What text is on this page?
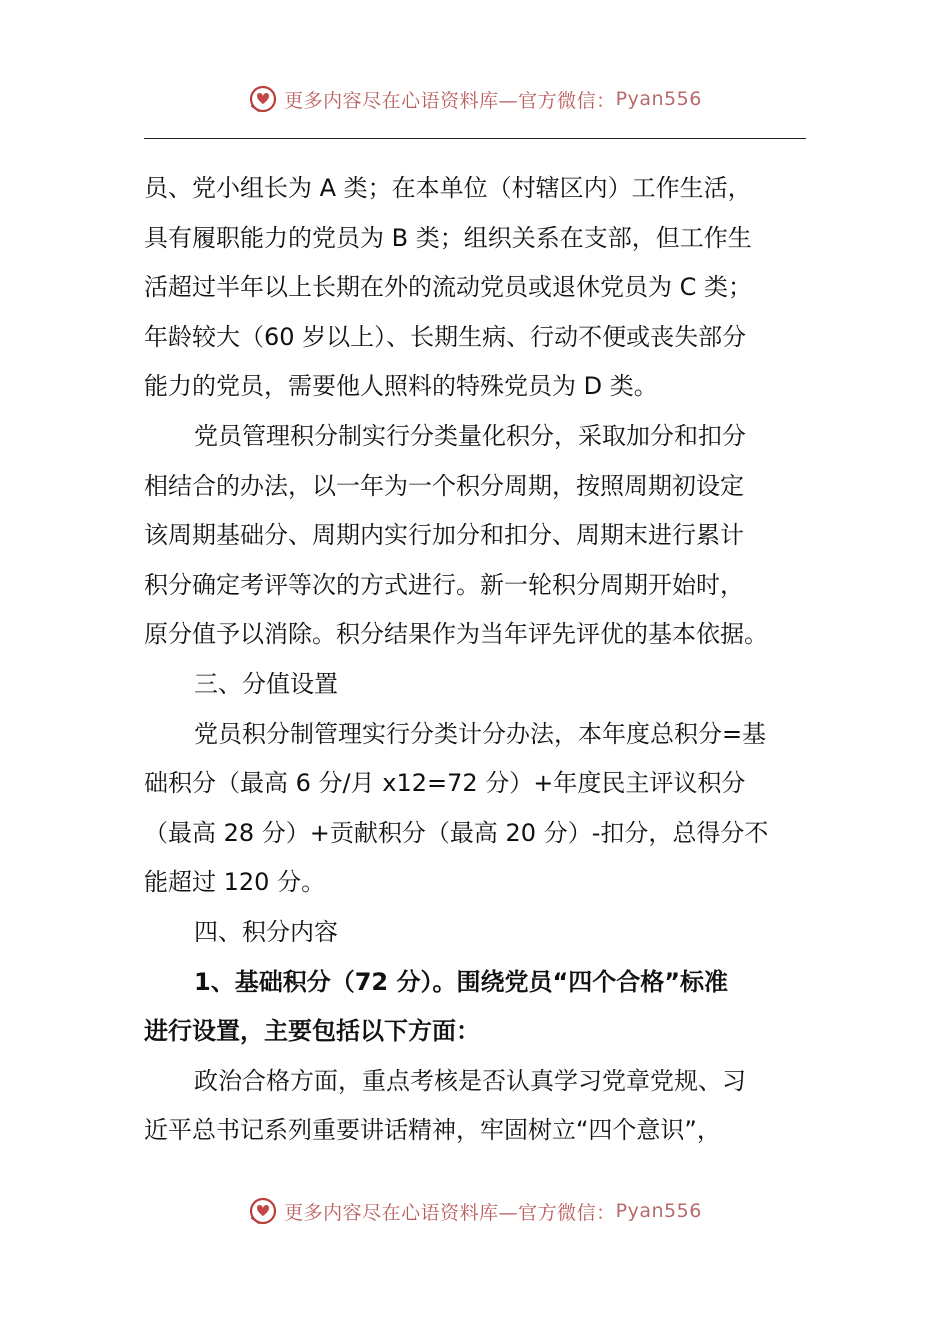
更多内容尽在心语资料库—官方微信： Pyan556
员、党小组长为 A 类；在本单位（村辖区内）工作生活，
具有履职能力的党员为 B 类；组织关系在支部，但工作生
活超过半年以上长期在外的流动党员或退休党员为 C 类；
年龄较大（60 岁以上）、长期生病、行动不便或丧失部分
能力的党员，需要他人照料的特殊党员为 D 类。
党员管理积分制实行分类量化积分，采取加分和扣分
相结合的办法，以一年为一个积分周期，按照周期初设定
该周期基础分、周期内实行加分和扣分、周期末进行累计
积分确定考评等次的方式进行。新一轮积分周期开始时，
原分值予以消除。积分结果作为当年评先评优的基本依据。
三、分值设置
党员积分制管理实行分类计分办法，本年度总积分=基
础积分（最高 6 分/月 x12=72 分）+年度民主评议积分
（最高 28 分）+贡献积分（最高 20 分）-扣分，总得分不
能超过 120 分。
四、积分内容
1、基础积分（72 分）。围绕党员“四个合格”标准
进行设置，主要包括以下方面：
政治合格方面，重点考核是否认真学习党章党规、习
近平总书记系列重要讲话精神，牢固树立“四个意识”，
更多内容尽在心语资料库—官方微信： Pyan556
